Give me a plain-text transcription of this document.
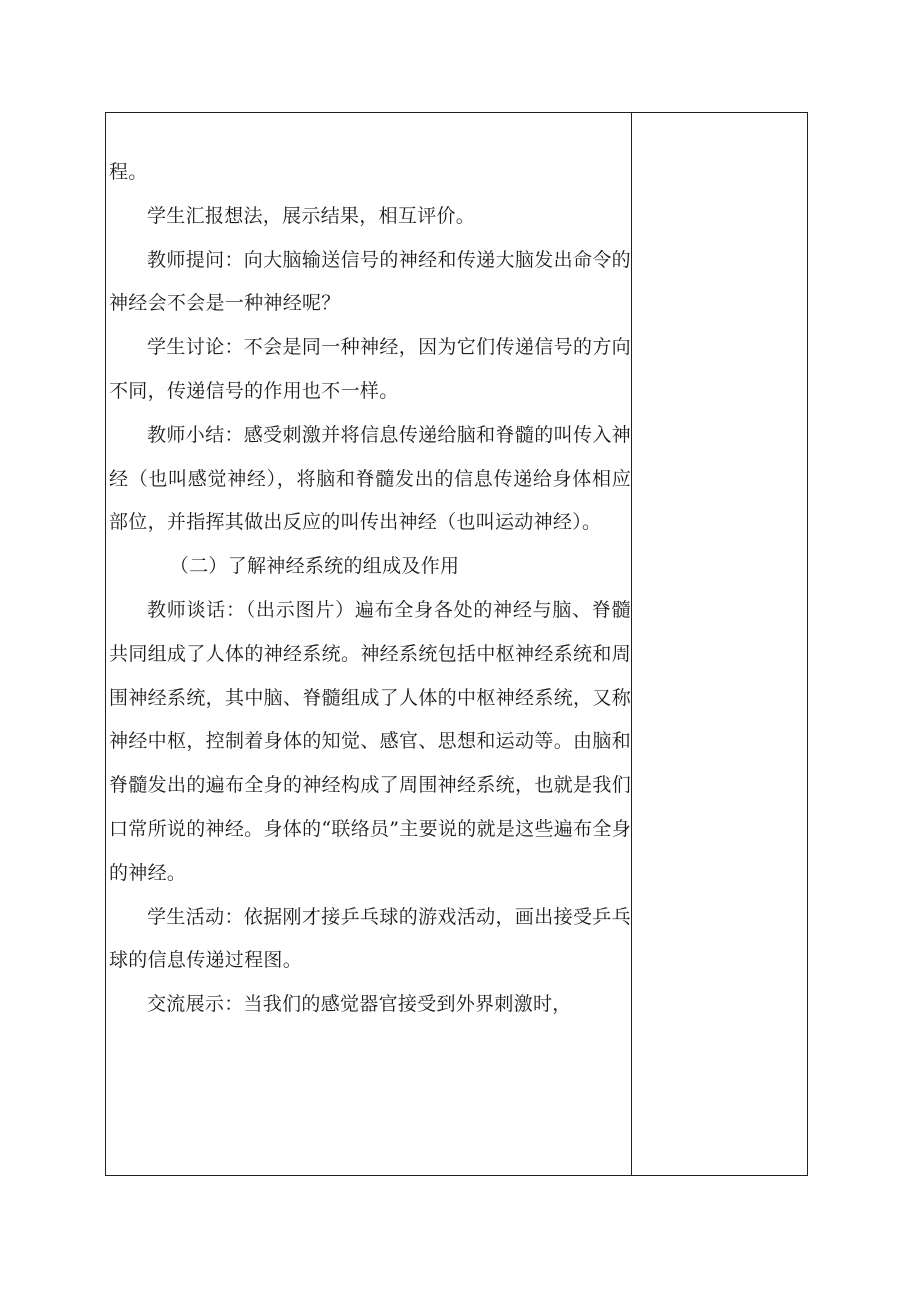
程。

学生汇报想法，展示结果，相互评价。

教师提问：向大脑输送信号的神经和传递大脑发出命令的神经会不会是一种神经呢？

学生讨论：不会是同一种神经，因为它们传递信号的方向不同，传递信号的作用也不一样。

教师小结：感受刺激并将信息传递给脑和脊髓的叫传入神经（也叫感觉神经），将脑和脊髓发出的信息传递给身体相应部位，并指挥其做出反应的叫传出神经（也叫运动神经）。

（二）了解神经系统的组成及作用

教师谈话：（出示图片）遍布全身各处的神经与脑、脊髓共同组成了人体的神经系统。神经系统包括中枢神经系统和周围神经系统，其中脑、脊髓组成了人体的中枢神经系统，又称神经中枢，控制着身体的知觉、感官、思想和运动等。由脑和脊髓发出的遍布全身的神经构成了周围神经系统，也就是我们口常所说的神经。身体的“联络员”主要说的就是这些遍布全身的神经。

学生活动：依据刚才接乒乓球的游戏活动，画出接受乒乓球的信息传递过程图。

交流展示：当我们的感觉器官接受到外界刺激时，
